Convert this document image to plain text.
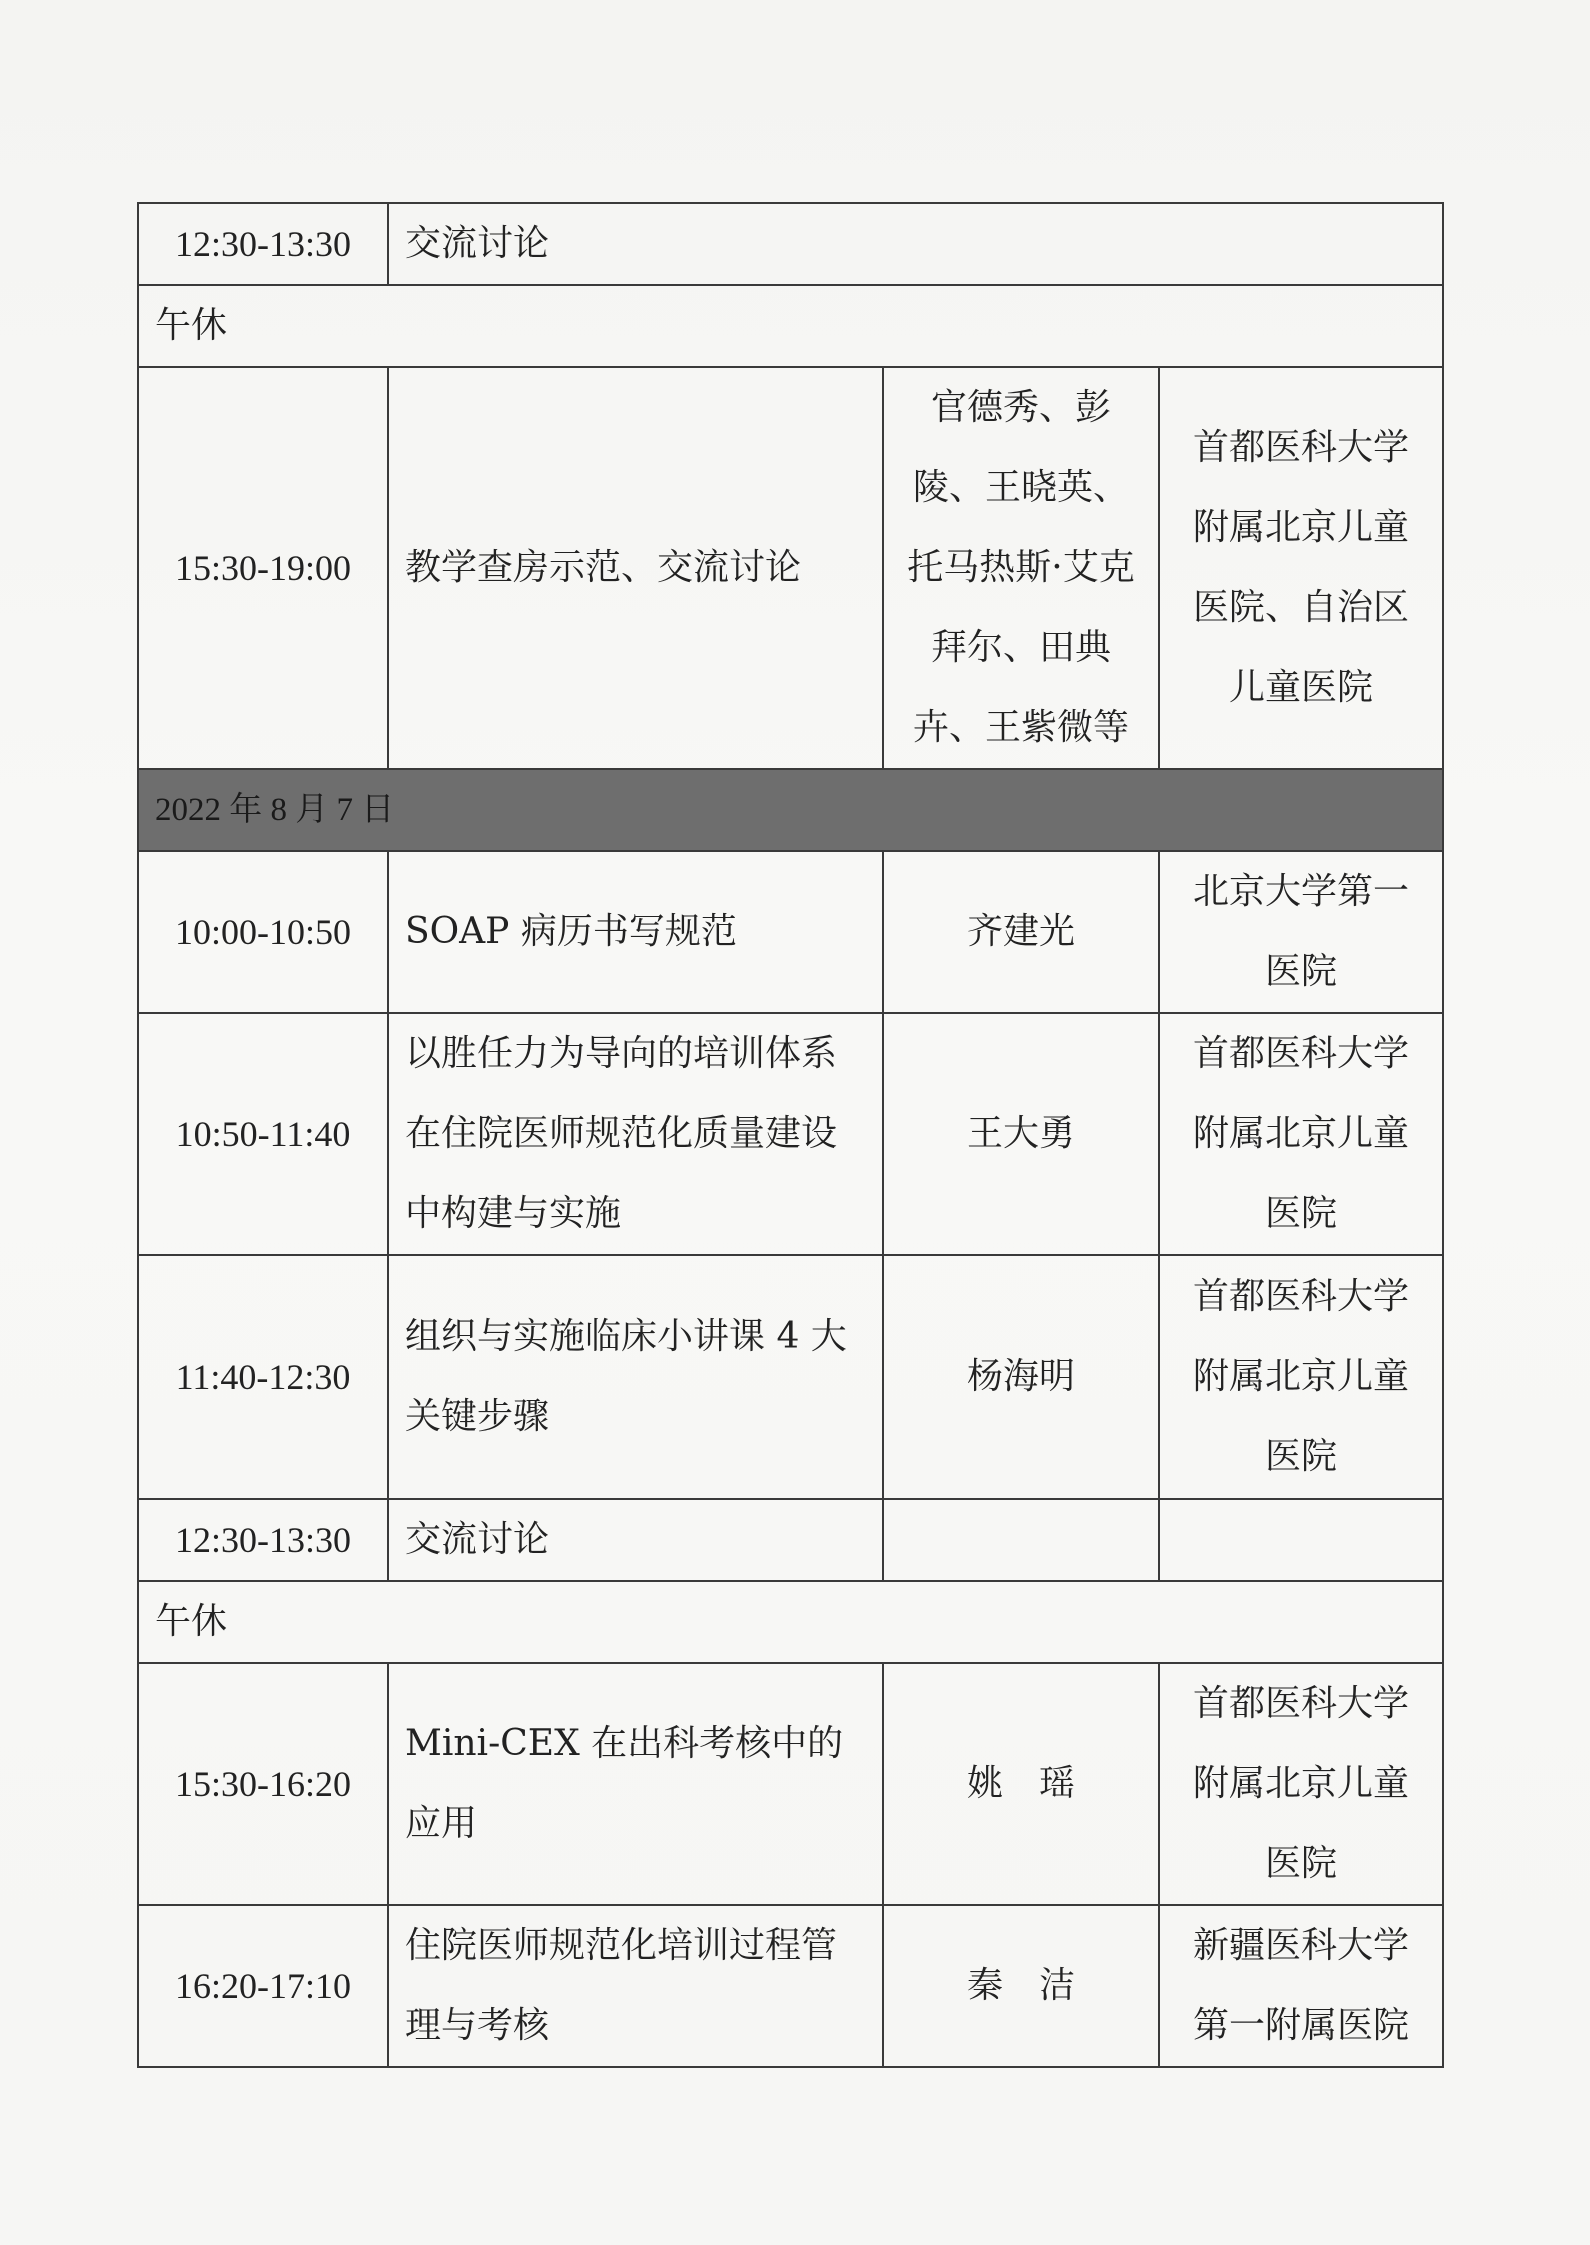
12:30-13:30	交流讨论		
午休			
15:30-19:00	教学查房示范、交流讨论	官德秀、彭陵、王晓英、托马热斯·艾克拜尔、田典卉、王紫微等	首都医科大学附属北京儿童医院、自治区儿童医院
2022 年 8 月 7 日			
10:00-10:50	SOAP 病历书写规范	齐建光	北京大学第一医院
10:50-11:40	以胜任力为导向的培训体系在住院医师规范化质量建设中构建与实施	王大勇	首都医科大学附属北京儿童医院
11:40-12:30	组织与实施临床小讲课 4 大关键步骤	杨海明	首都医科大学附属北京儿童医院
12:30-13:30	交流讨论		
午休			
15:30-16:20	Mini-CEX 在出科考核中的应用	姚　瑶	首都医科大学附属北京儿童医院
16:20-17:10	住院医师规范化培训过程管理与考核	秦　洁	新疆医科大学第一附属医院
